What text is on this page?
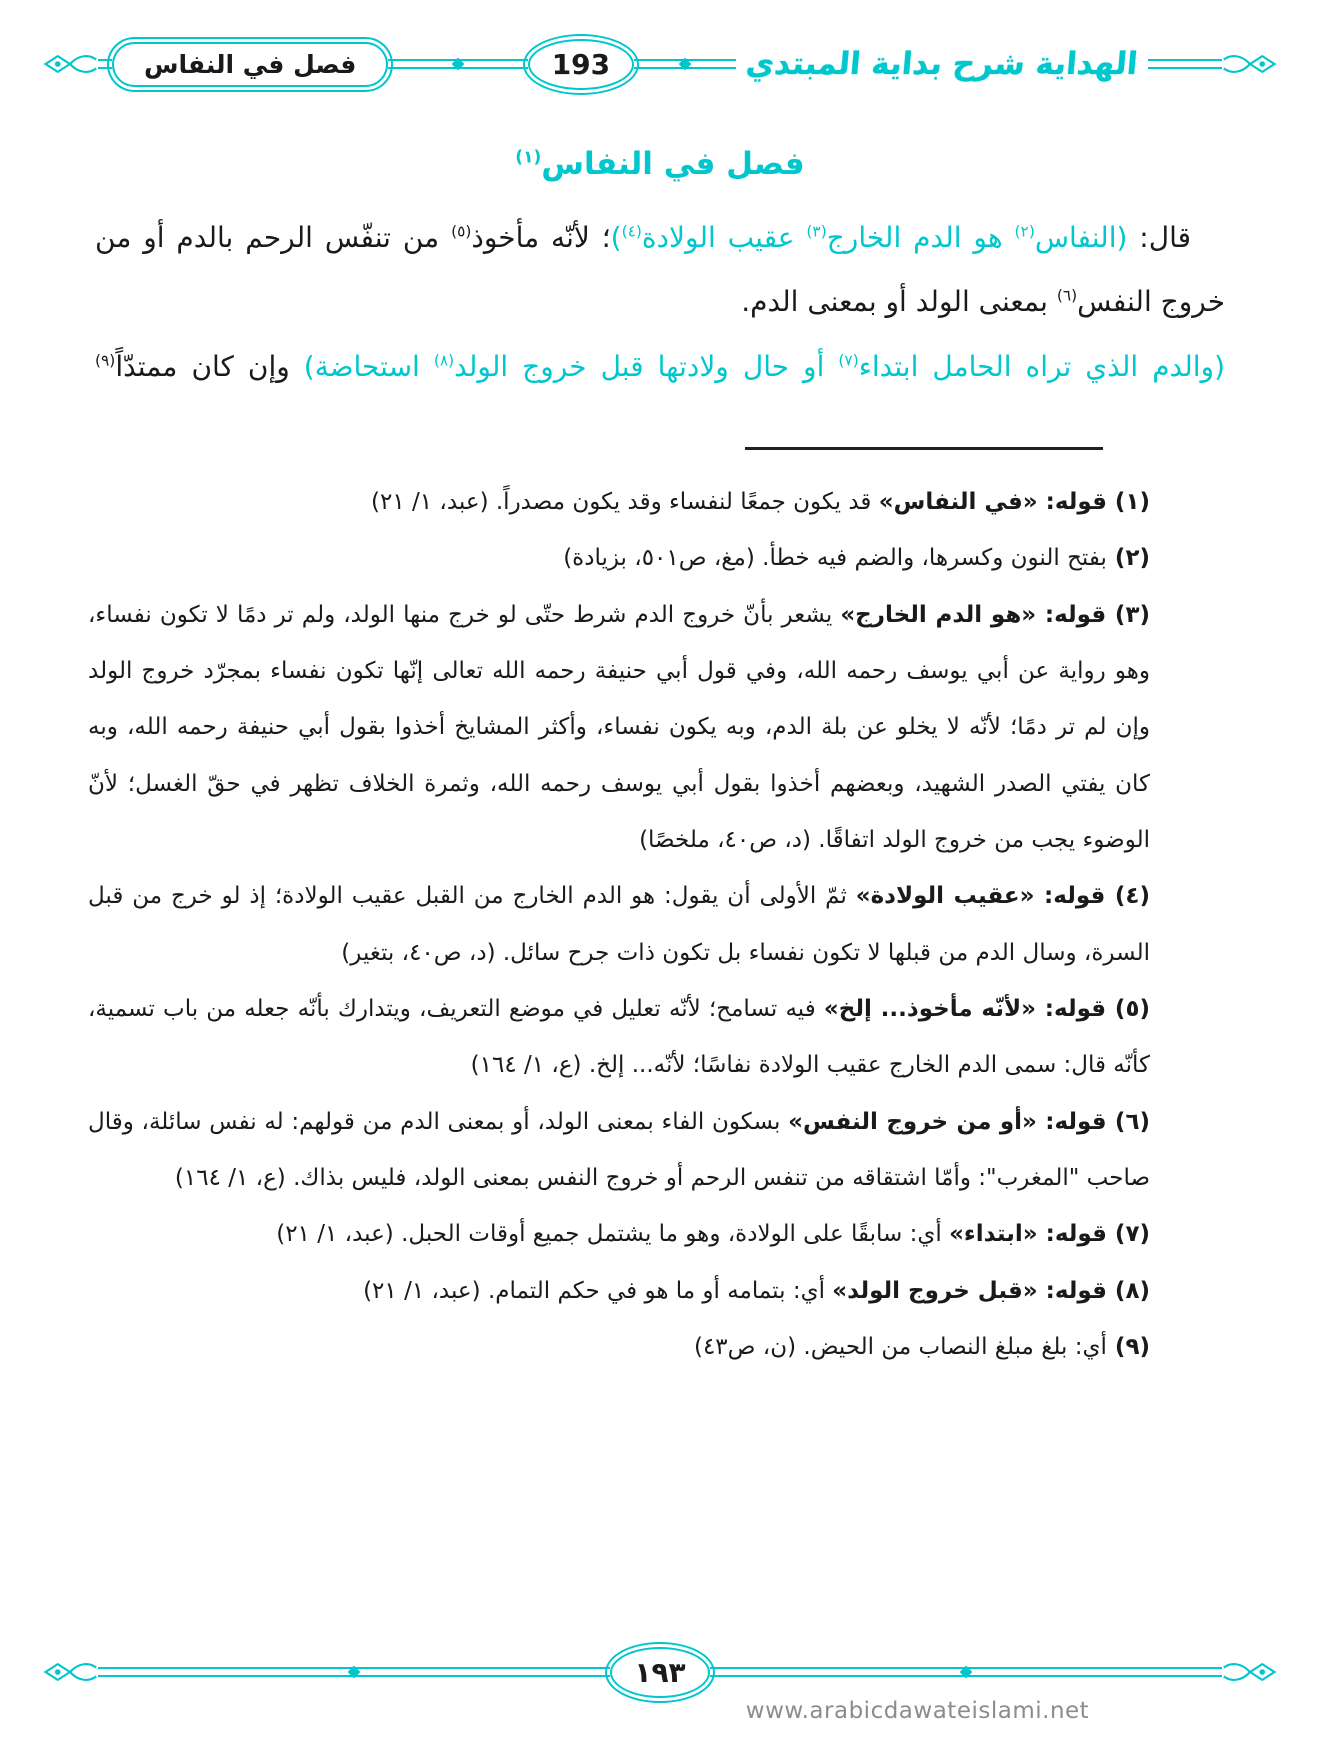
فصل في النفاس	193	الهداية شرح بداية المبتدي
فصل في النفاس$^{(١)}$

قال: (النفاس$^{(٢)}$ هو الدم الخارج$^{(٣)}$ عقيب الولادة$^{(٤)}$)؛ لأنّه مأخوذ$^{(٥)}$ من تنفّس الرحم بالدم أو من خروج النفس$^{(٦)}$ بمعنى الولد أو بمعنى الدم.

(والدم الذي تراه الحامل ابتداء$^{(٧)}$ أو حال ولادتها قبل خروج الولد$^{(٨)}$ استحاضة) وإن كان ممتدّاً$^{(٩)}$

(١) قوله: «في النفاس» قد يكون جمعًا لنفساء وقد يكون مصدراً. (عبد، ١/ ٢١)

(٢) بفتح النون وكسرها، والضم فيه خطأ. (مغ، ص٥٠١، بزيادة)

(٣) قوله: «هو الدم الخارج» يشعر بأنّ خروج الدم شرط حتّى لو خرج منها الولد، ولم تر دمًا لا تكون نفساء، وهو رواية عن أبي يوسف رحمه الله، وفي قول أبي حنيفة رحمه الله تعالى إنّها تكون نفساء بمجرّد خروج الولد وإن لم تر دمًا؛ لأنّه لا يخلو عن بلة الدم، وبه يكون نفساء، وأكثر المشايخ أخذوا بقول أبي حنيفة رحمه الله، وبه كان يفتي الصدر الشهيد، وبعضهم أخذوا بقول أبي يوسف رحمه الله، وثمرة الخلاف تظهر في حقّ الغسل؛ لأنّ الوضوء يجب من خروج الولد اتفاقًا. (د، ص٤٠، ملخصًا)

(٤) قوله: «عقيب الولادة» ثمّ الأولى أن يقول: هو الدم الخارج من القبل عقيب الولادة؛ إذ لو خرج من قبل السرة، وسال الدم من قبلها لا تكون نفساء بل تكون ذات جرح سائل. (د، ص٤٠، بتغير)

(٥) قوله: «لأنّه مأخوذ... إلخ» فيه تسامح؛ لأنّه تعليل في موضع التعريف، ويتدارك بأنّه جعله من باب تسمية، كأنّه قال: سمى الدم الخارج عقيب الولادة نفاسًا؛ لأنّه... إلخ. (ع، ١/ ١٦٤)

(٦) قوله: «أو من خروج النفس» بسكون الفاء بمعنى الولد، أو بمعنى الدم من قولهم: له نفس سائلة، وقال صاحب "المغرب": وأمّا اشتقاقه من تنفس الرحم أو خروج النفس بمعنى الولد، فليس بذاك. (ع، ١/ ١٦٤)

(٧) قوله: «ابتداء» أي: سابقًا على الولادة، وهو ما يشتمل جميع أوقات الحبل. (عبد، ١/ ٢١)

(٨) قوله: «قبل خروج الولد» أي: بتمامه أو ما هو في حكم التمام. (عبد، ١/ ٢١)

(٩) أي: بلغ مبلغ النصاب من الحيض. (ن، ص٤٣)

١٩٣
www.arabicdawateislami.net
